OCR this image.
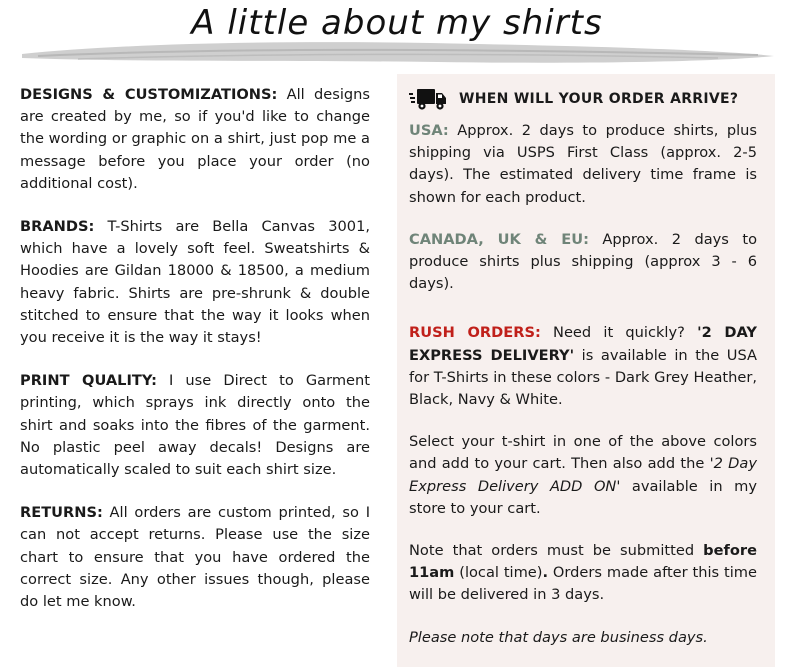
A little about my shirts

DESIGNS & CUSTOMIZATIONS: All designs are created by me, so if you'd like to change the wording or graphic on a shirt, just pop me a message before you place your order (no additional cost).

BRANDS: T-Shirts are Bella Canvas 3001, which have a lovely soft feel. Sweatshirts & Hoodies are Gildan 18000 & 18500, a medium heavy fabric. Shirts are pre-shrunk & double stitched to ensure that the way it looks when you receive it is the way it stays!

PRINT QUALITY: I use Direct to Garment printing, which sprays ink directly onto the shirt and soaks into the fibres of the garment. No plastic peel away decals! Designs are automatically scaled to suit each shirt size.

RETURNS: All orders are custom printed, so I can not accept returns. Please use the size chart to ensure that you have ordered the correct size. Any other issues though, please do let me know.

WHEN WILL YOUR ORDER ARRIVE?

USA: Approx. 2 days to produce shirts, plus shipping via USPS First Class (approx. 2-5 days). The estimated delivery time frame is shown for each product.

CANADA, UK & EU: Approx. 2 days to produce shirts plus shipping (approx 3 - 6 days).

RUSH ORDERS: Need it quickly? '2 DAY EXPRESS DELIVERY' is available in the USA for T-Shirts in these colors - Dark Grey Heather, Black, Navy & White.

Select your t-shirt in one of the above colors and add to your cart. Then also add the '2 Day Express Delivery ADD ON' available in my store to your cart.

Note that orders must be submitted before 11am (local time). Orders made after this time will be delivered in 3 days.

Please note that days are business days.
